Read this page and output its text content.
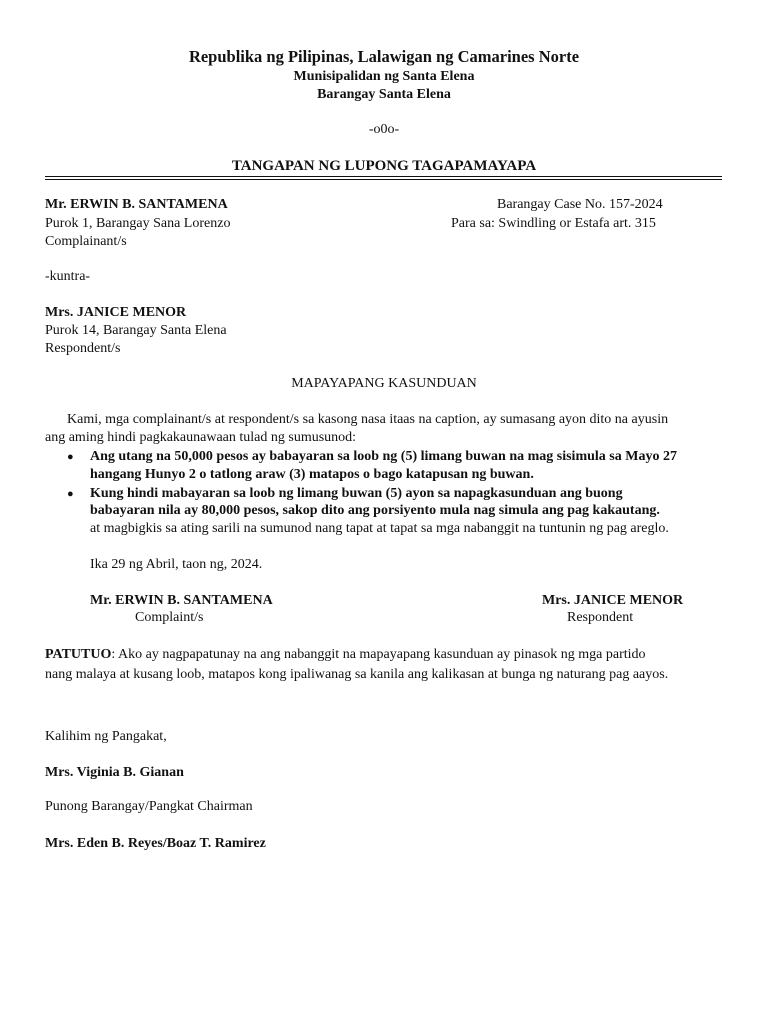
Republika ng Pilipinas, Lalawigan ng Camarines Norte
Munisipalidan ng Santa Elena
Barangay Santa Elena
-o0o-
TANGAPAN NG LUPONG TAGAPAMAYAPA
Mr. ERWIN B. SANTAMENA
Purok 1, Barangay Sana Lorenzo
Complainant/s
Barangay Case No. 157-2024
Para sa: Swindling or Estafa art. 315
-kuntra-
Mrs. JANICE MENOR
Purok 14, Barangay Santa Elena
Respondent/s
MAPAYAPANG KASUNDUAN
Kami, mga complainant/s at respondent/s sa kasong nasa itaas na caption, ay sumasang ayon dito na ayusin
ang aming hindi pagkakaunawaan tulad ng sumusunod:
● Ang utang na 50,000 pesos ay babayaran sa loob ng (5) limang buwan na mag sisimula sa Mayo 27
hangang Hunyo 2 o tatlong araw (3) matapos o bago katapusan ng buwan.
● Kung hindi mabayaran sa loob ng limang buwan (5) ayon sa napagkasunduan ang buong
babayaran nila ay 80,000 pesos, sakop dito ang porsiyento mula nag simula ang pag kakautang.
at magbigkis sa ating sarili na sumunod nang tapat at tapat sa mga nabanggit na tuntunin ng pag areglo.
Ika 29 ng Abril, taon ng, 2024.
Mr. ERWIN B. SANTAMENA
Complaint/s
Mrs. JANICE MENOR
Respondent
PATUTUO: Ako ay nagpapatunay na ang nabanggit na mapayapang kasunduan ay pinasok ng mga partido
nang malaya at kusang loob, matapos kong ipaliwanag sa kanila ang kalikasan at bunga ng naturang pag aayos.
Kalihim ng Pangakat,
Mrs. Viginia B. Gianan
Punong Barangay/Pangkat Chairman
Mrs. Eden B. Reyes/Boaz T. Ramirez
